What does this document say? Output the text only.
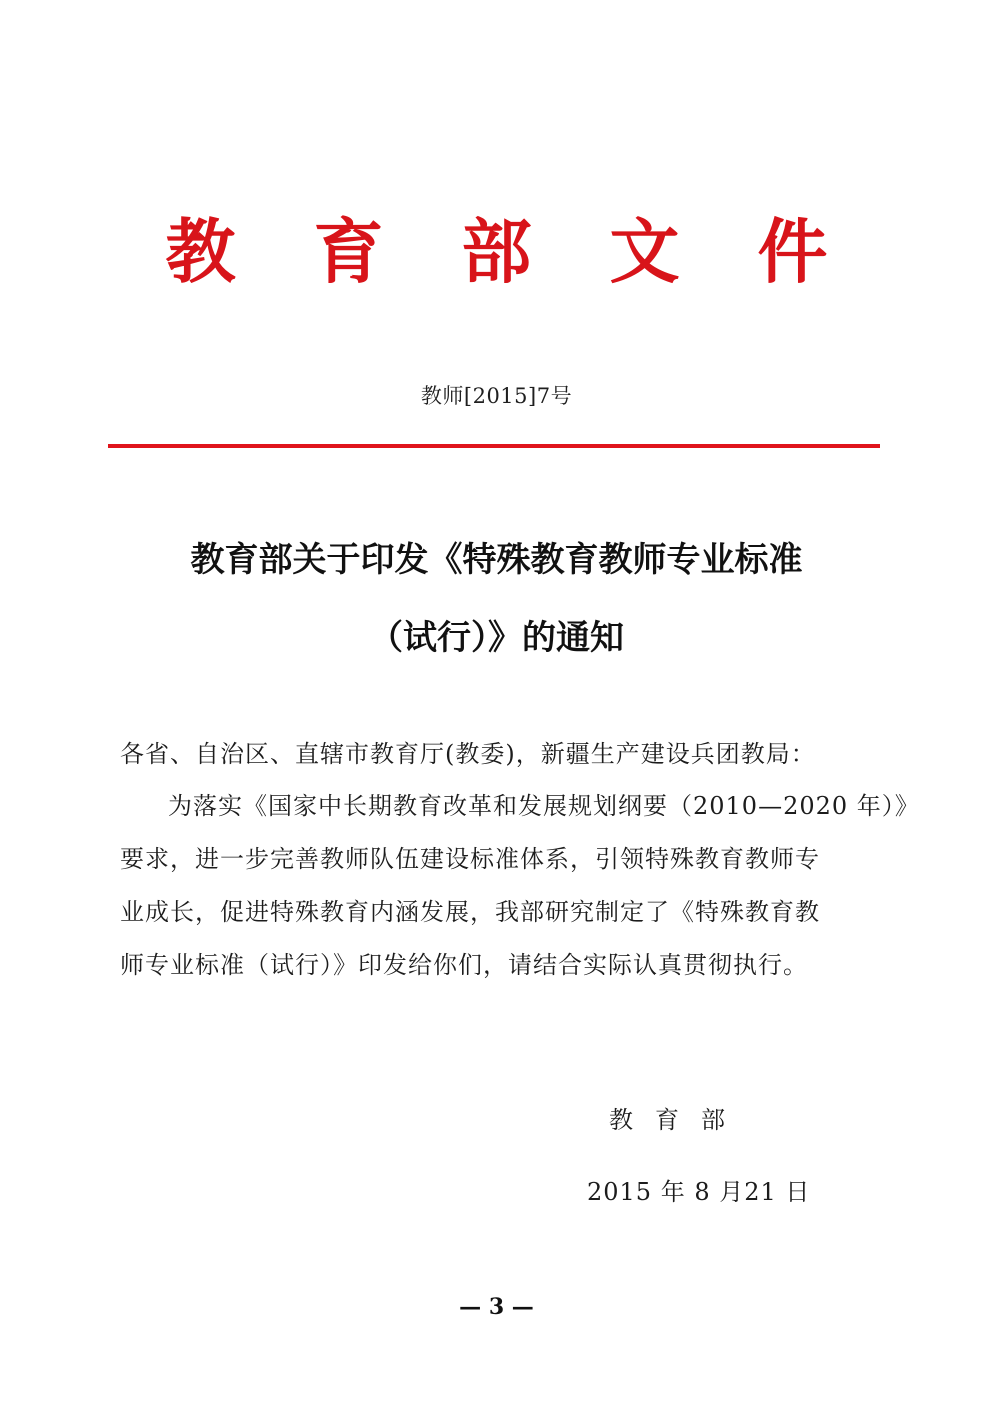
教 育 部 文 件
教师[2015]7号
教育部关于印发《特殊教育教师专业标准
（试行）》的通知
各省、自治区、直辖市教育厅(教委)，新疆生产建设兵团教局：
为落实《国家中长期教育改革和发展规划纲要（2010—2020 年）》
要求，进一步完善教师队伍建设标准体系，引领特殊教育教师专
业成长，促进特殊教育内涵发展，我部研究制定了《特殊教育教
师专业标准（试行）》印发给你们，请结合实际认真贯彻执行。
教育部
2015 年 8 月21 日
— 3 —
